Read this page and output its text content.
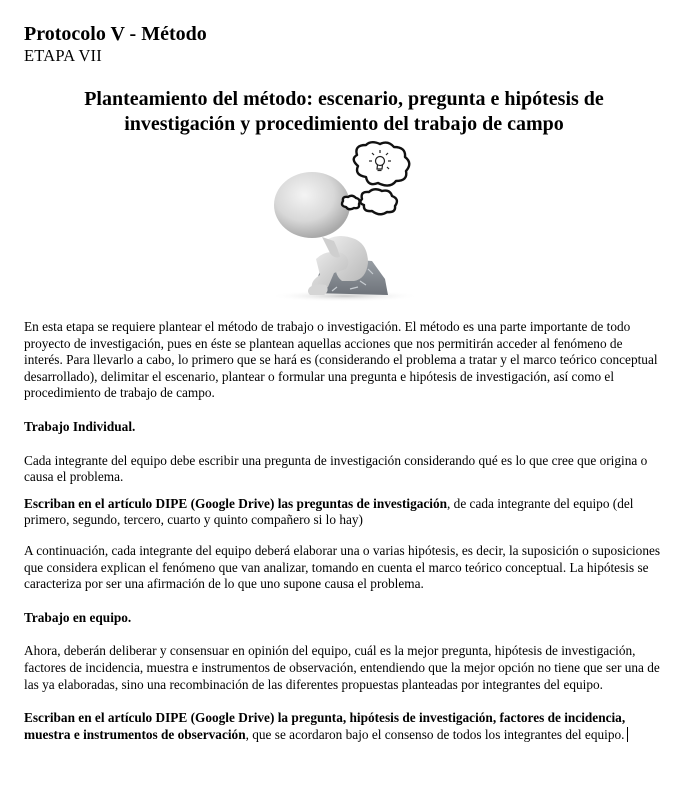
Protocolo V - Método
ETAPA VII
Planteamiento del método: escenario, pregunta e hipótesis de
investigación y procedimiento del trabajo de campo

En esta etapa se requiere plantear el método de trabajo o investigación. El método es una parte importante de todo proyecto de investigación, pues en éste se plantean aquellas acciones que nos permitirán acceder al fenómeno de interés. Para llevarlo a cabo, lo primero que se hará es (considerando el problema a tratar y el marco teórico conceptual desarrollado), delimitar el escenario, plantear o formular una pregunta e hipótesis de investigación, así como el procedimiento de trabajo de campo.

Trabajo Individual.

Cada integrante del equipo debe escribir una pregunta de investigación considerando qué es lo que cree que origina o causa el problema.

Escriban en el artículo DIPE (Google Drive) las preguntas de investigación, de cada integrante del equipo (del primero, segundo, tercero, cuarto y quinto compañero si lo hay)

A continuación, cada integrante del equipo deberá elaborar una o varias hipótesis, es decir, la suposición o suposiciones que considera explican el fenómeno que van analizar, tomando en cuenta el marco teórico conceptual. La hipótesis se caracteriza por ser una afirmación de lo que uno supone causa el problema.

Trabajo en equipo.

Ahora, deberán deliberar y consensuar en opinión del equipo, cuál es la mejor pregunta, hipótesis de investigación, factores de incidencia, muestra e instrumentos de observación, entendiendo que la mejor opción no tiene que ser una de las ya elaboradas, sino una recombinación de las diferentes propuestas planteadas por integrantes del equipo.

Escriban en el artículo DIPE (Google Drive) la pregunta, hipótesis de investigación, factores de incidencia, muestra e instrumentos de observación, que se acordaron bajo el consenso de todos los integrantes del equipo.
